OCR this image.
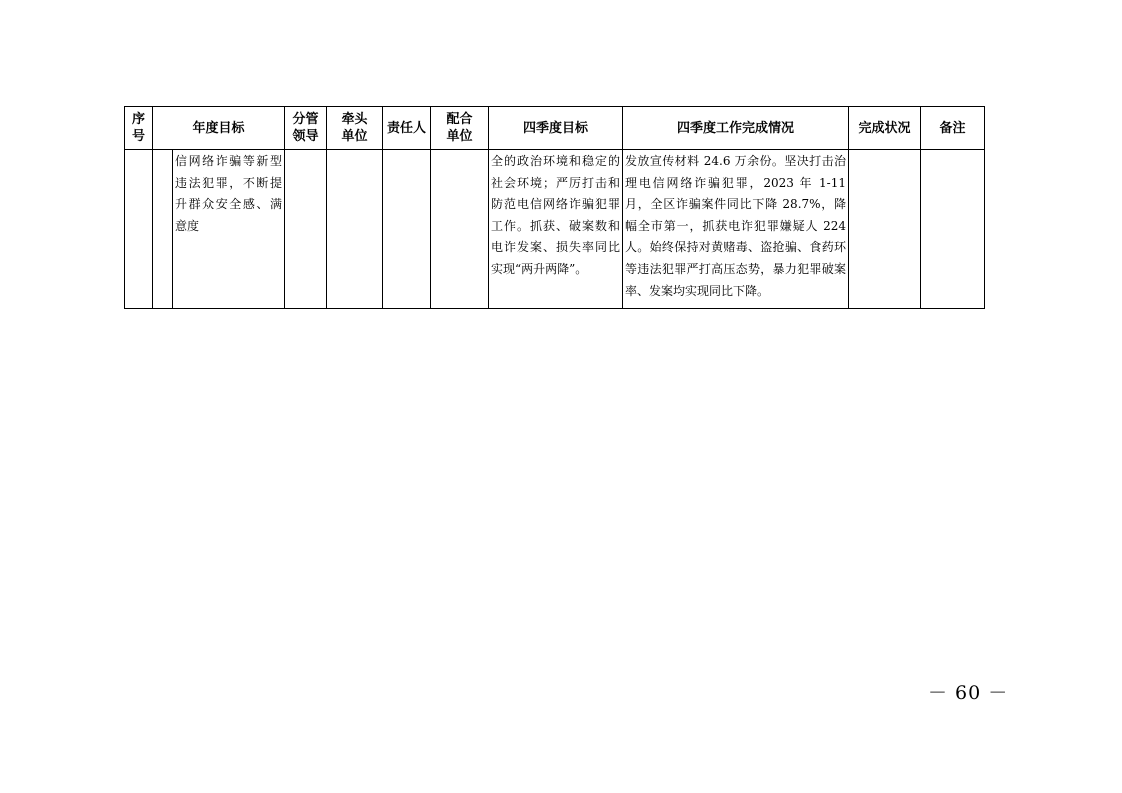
序号	年度目标		分管领导	牵头单位	责任人	配合单位	四季度目标	四季度工作完成情况	完成状况	备注

		信网络诈骗等新型违法犯罪，不断提升群众安全感、满意度					全的政治环境和稳定的社会环境；严厉打击和防范电信网络诈骗犯罪工作。抓获、破案数和电诈发案、损失率同比实现“两升两降”。	发放宣传材料 24.6 万余份。坚决打击治理电信网络诈骗犯罪，2023 年 1-11 月，全区诈骗案件同比下降 28.7%，降幅全市第一，抓获电诈犯罪嫌疑人 224 人。始终保持对黄赌毒、盗抢骗、食药环等违法犯罪严打高压态势，暴力犯罪破案率、发案均实现同比下降。		

－ 60 －
